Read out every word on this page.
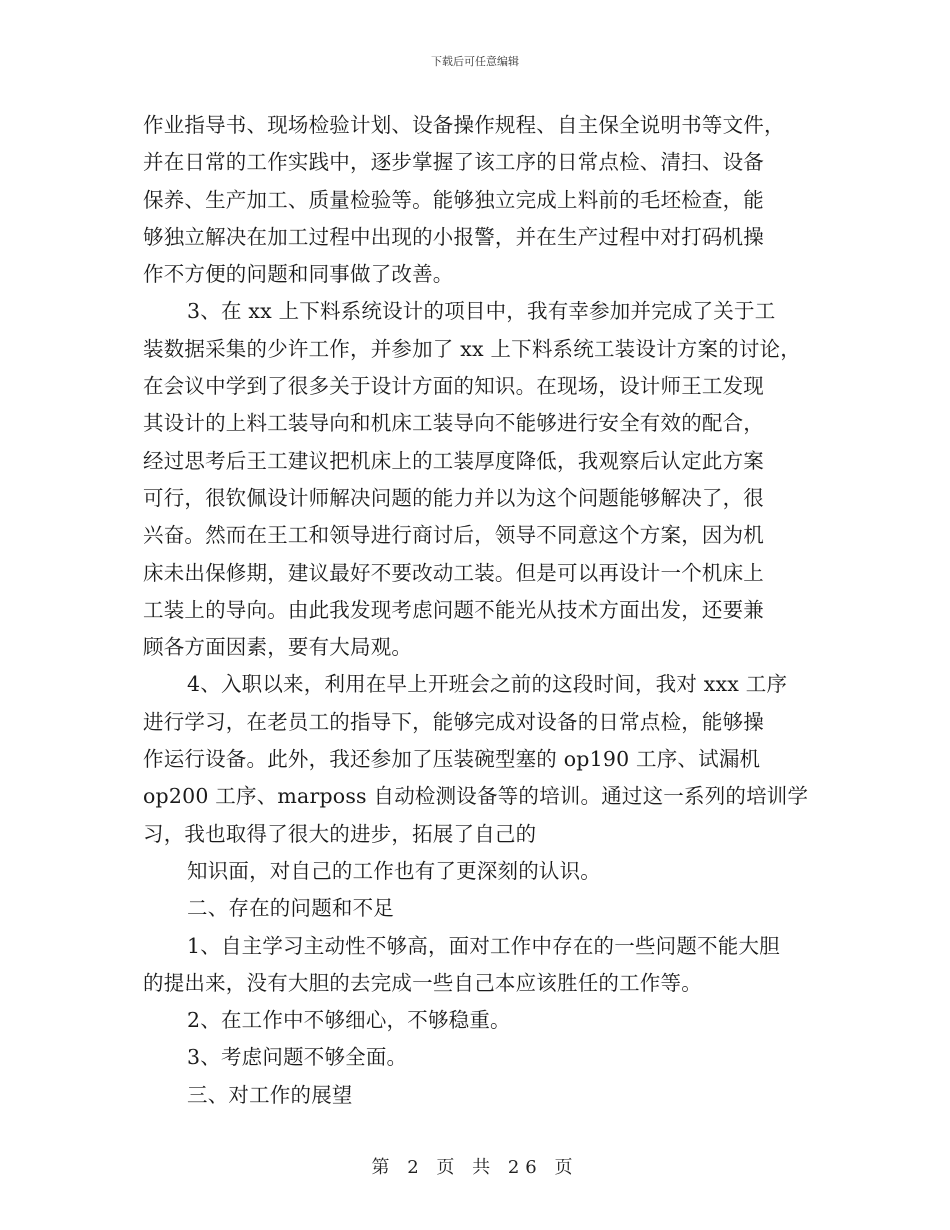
下载后可任意编辑
作业指导书、现场检验计划、设备操作规程、自主保全说明书等文件，
并在日常的工作实践中，逐步掌握了该工序的日常点检、清扫、设备
保养、生产加工、质量检验等。能够独立完成上料前的毛坯检查，能
够独立解决在加工过程中出现的小报警，并在生产过程中对打码机操
作不方便的问题和同事做了改善。
3、在 xx 上下料系统设计的项目中，我有幸参加并完成了关于工
装数据采集的少许工作，并参加了 xx 上下料系统工装设计方案的讨论，
在会议中学到了很多关于设计方面的知识。在现场，设计师王工发现
其设计的上料工装导向和机床工装导向不能够进行安全有效的配合，
经过思考后王工建议把机床上的工装厚度降低，我观察后认定此方案
可行，很钦佩设计师解决问题的能力并以为这个问题能够解决了，很
兴奋。然而在王工和领导进行商讨后，领导不同意这个方案，因为机
床未出保修期，建议最好不要改动工装。但是可以再设计一个机床上
工装上的导向。由此我发现考虑问题不能光从技术方面出发，还要兼
顾各方面因素，要有大局观。
4、入职以来，利用在早上开班会之前的这段时间，我对 xxx 工序
进行学习，在老员工的指导下，能够完成对设备的日常点检，能够操
作运行设备。此外，我还参加了压装碗型塞的 op190 工序、试漏机
op200 工序、marposs 自动检测设备等的培训。通过这一系列的培训学
习，我也取得了很大的进步，拓展了自己的
知识面，对自己的工作也有了更深刻的认识。
二、存在的问题和不足
1、自主学习主动性不够高，面对工作中存在的一些问题不能大胆
的提出来，没有大胆的去完成一些自己本应该胜任的工作等。
2、在工作中不够细心，不够稳重。
3、考虑问题不够全面。
三、对工作的展望
第 2 页 共 26 页
